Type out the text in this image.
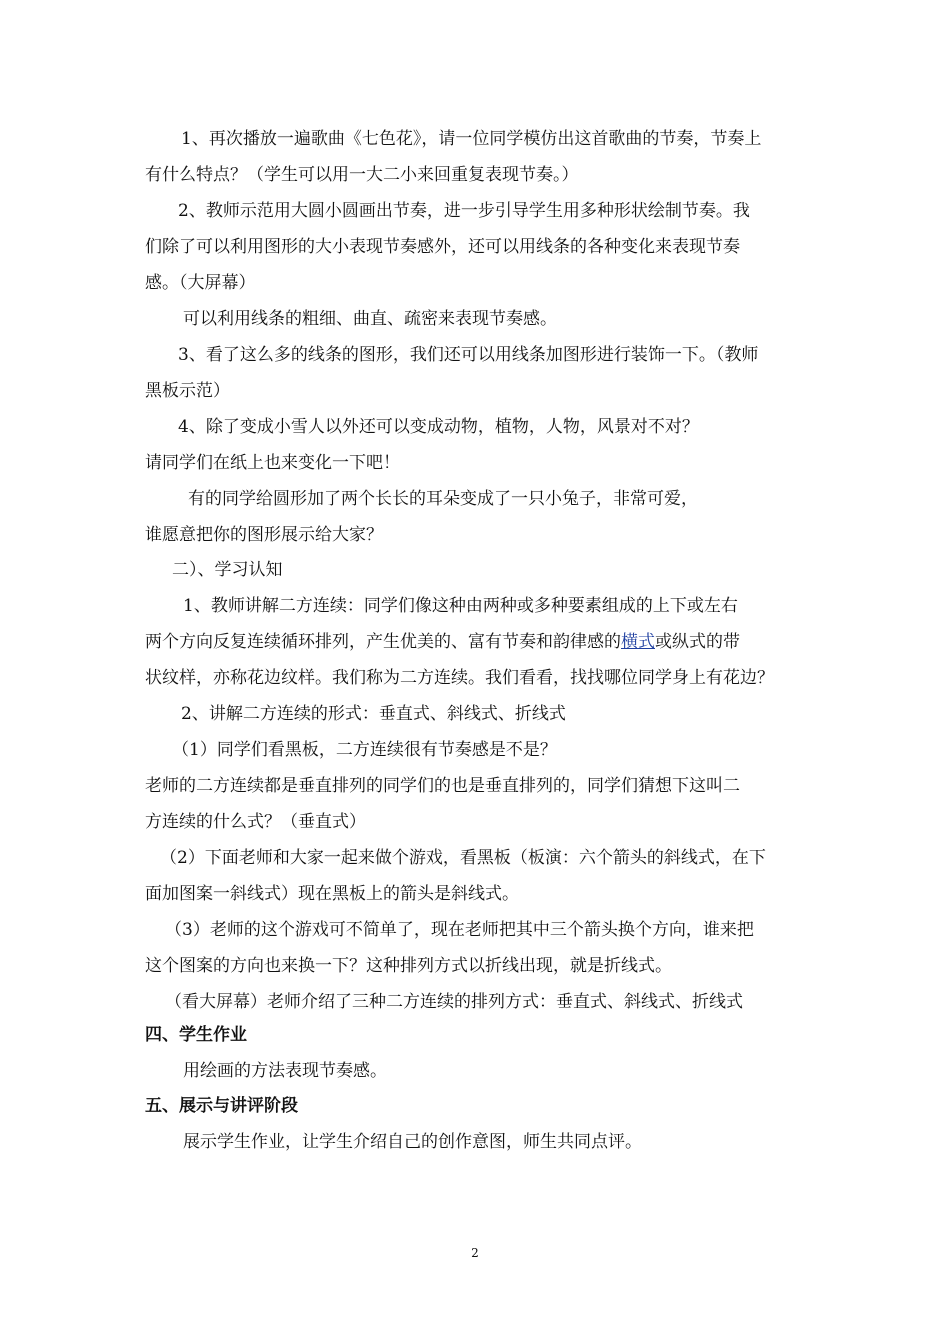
1、再次播放一遍歌曲《七色花》，请一位同学模仿出这首歌曲的节奏，节奏上
有什么特点？（学生可以用一大二小来回重复表现节奏。）
2、教师示范用大圆小圆画出节奏，进一步引导学生用多种形状绘制节奏。我
们除了可以利用图形的大小表现节奏感外，还可以用线条的各种变化来表现节奏
感。（大屏幕）
可以利用线条的粗细、曲直、疏密来表现节奏感。
3、看了这么多的线条的图形，我们还可以用线条加图形进行装饰一下。（教师
黑板示范）
4、除了变成小雪人以外还可以变成动物，植物，人物，风景对不对？
请同学们在纸上也来变化一下吧！
有的同学给圆形加了两个长长的耳朵变成了一只小兔子，非常可爱，
谁愿意把你的图形展示给大家？
二）、学习认知
1、教师讲解二方连续：同学们像这种由两种或多种要素组成的上下或左右
两个方向反复连续循环排列，产生优美的、富有节奏和韵律感的横式或纵式的带
状纹样，亦称花边纹样。我们称为二方连续。我们看看，找找哪位同学身上有花边？
2、讲解二方连续的形式：垂直式、斜线式、折线式
（1）同学们看黑板，二方连续很有节奏感是不是？
老师的二方连续都是垂直排列的同学们的也是垂直排列的，同学们猜想下这叫二
方连续的什么式？（垂直式）
（2）下面老师和大家一起来做个游戏，看黑板（板演：六个箭头的斜线式，在下
面加图案一斜线式）现在黑板上的箭头是斜线式。
（3）老师的这个游戏可不简单了，现在老师把其中三个箭头换个方向，谁来把
这个图案的方向也来换一下？这种排列方式以折线出现，就是折线式。
（看大屏幕）老师介绍了三种二方连续的排列方式：垂直式、斜线式、折线式
四、学生作业
用绘画的方法表现节奏感。
五、展示与讲评阶段
展示学生作业，让学生介绍自己的创作意图，师生共同点评。
2
